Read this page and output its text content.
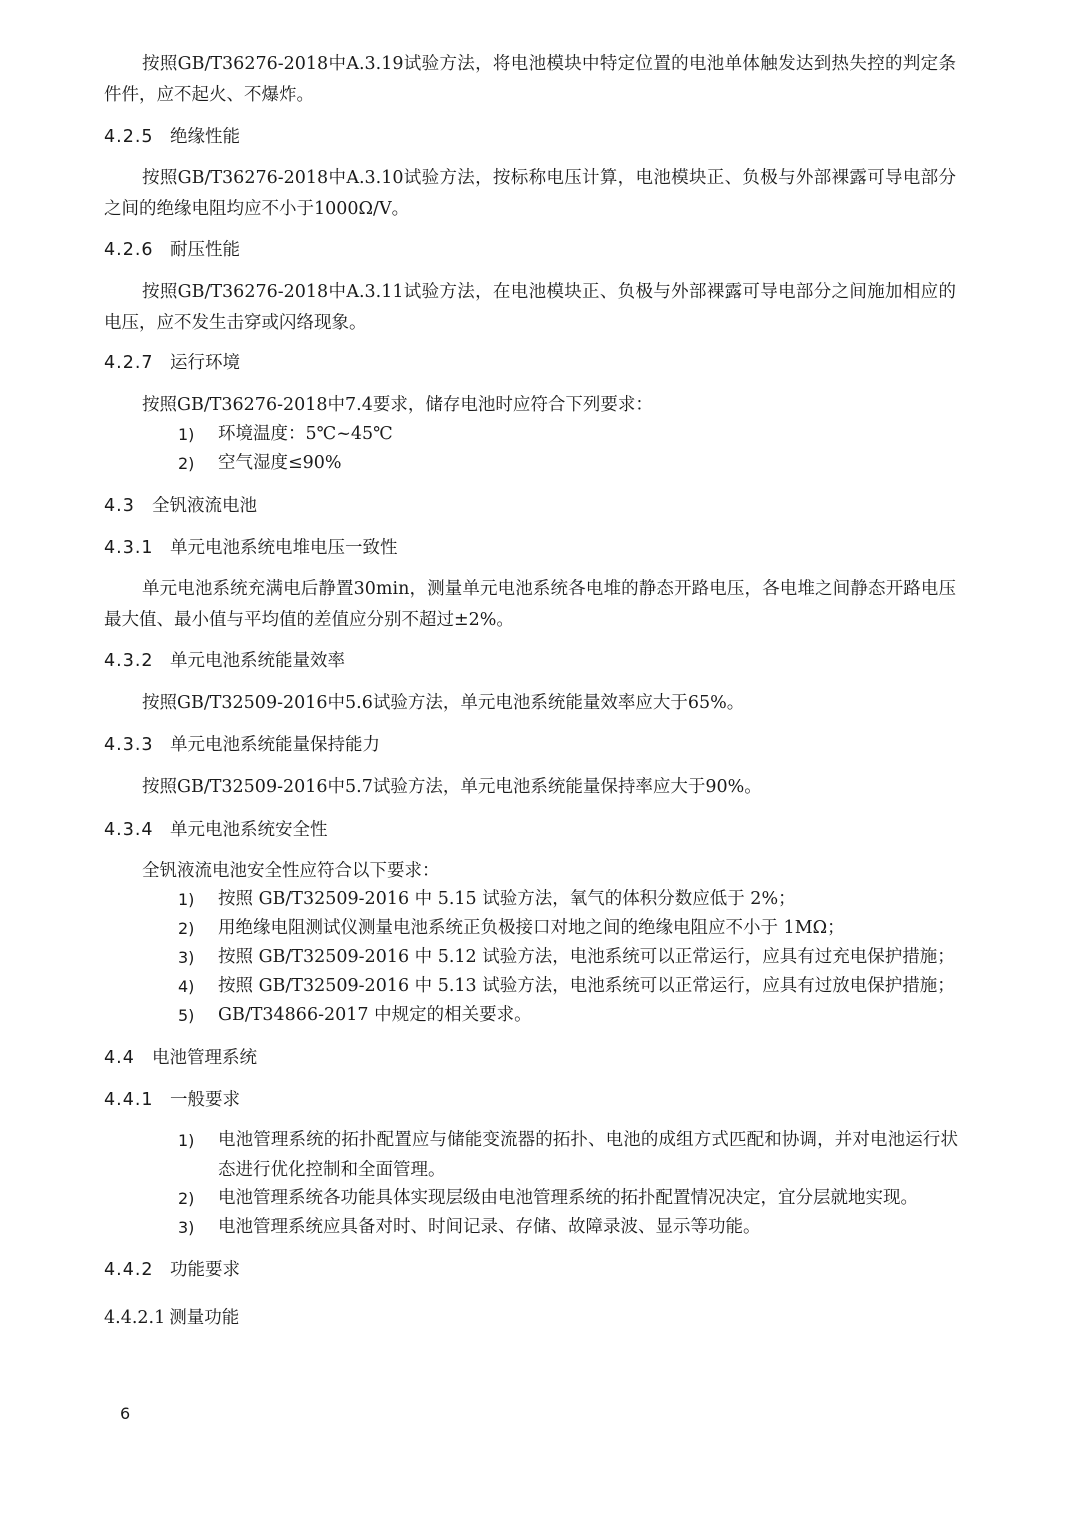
按照GB/T36276-2018中A.3.19试验方法，将电池模块中特定位置的电池单体触发达到热失控的判定条件件，应不起火、不爆炸。

4.2.5 绝缘性能

按照GB/T36276-2018中A.3.10试验方法，按标称电压计算，电池模块正、负极与外部裸露可导电部分之间的绝缘电阻均应不小于1000Ω/V。

4.2.6 耐压性能

按照GB/T36276-2018中A.3.11试验方法，在电池模块正、负极与外部裸露可导电部分之间施加相应的电压，应不发生击穿或闪络现象。

4.2.7 运行环境

按照GB/T36276-2018中7.4要求，储存电池时应符合下列要求：

1)	环境温度：5℃~45℃
2)	空气湿度≤90%
4.3 全钒液流电池
4.3.1 单元电池系统电堆电压一致性

单元电池系统充满电后静置30min，测量单元电池系统各电堆的静态开路电压，各电堆之间静态开路电压最大值、最小值与平均值的差值应分别不超过±2%。

4.3.2 单元电池系统能量效率

按照GB/T32509-2016中5.6试验方法，单元电池系统能量效率应大于65%。

4.3.3 单元电池系统能量保持能力

按照GB/T32509-2016中5.7试验方法，单元电池系统能量保持率应大于90%。

4.3.4 单元电池系统安全性

全钒液流电池安全性应符合以下要求：

1)	按照 GB/T32509-2016 中 5.15 试验方法，氧气的体积分数应低于 2%；
2)	用绝缘电阻测试仪测量电池系统正负极接口对地之间的绝缘电阻应不小于 1MΩ；
3)	按照 GB/T32509-2016 中 5.12 试验方法，电池系统可以正常运行，应具有过充电保护措施；
4)	按照 GB/T32509-2016 中 5.13 试验方法，电池系统可以正常运行，应具有过放电保护措施；
5)	GB/T34866-2017 中规定的相关要求。
4.4 电池管理系统
4.4.1 一般要求
1)	电池管理系统的拓扑配置应与储能变流器的拓扑、电池的成组方式匹配和协调，并对电池运行状态进行优化控制和全面管理。
2)	电池管理系统各功能具体实现层级由电池管理系统的拓扑配置情况决定，宜分层就地实现。
3)	电池管理系统应具备对时、时间记录、存储、故障录波、显示等功能。
4.4.2 功能要求
4.4.2.1 测量功能
6
